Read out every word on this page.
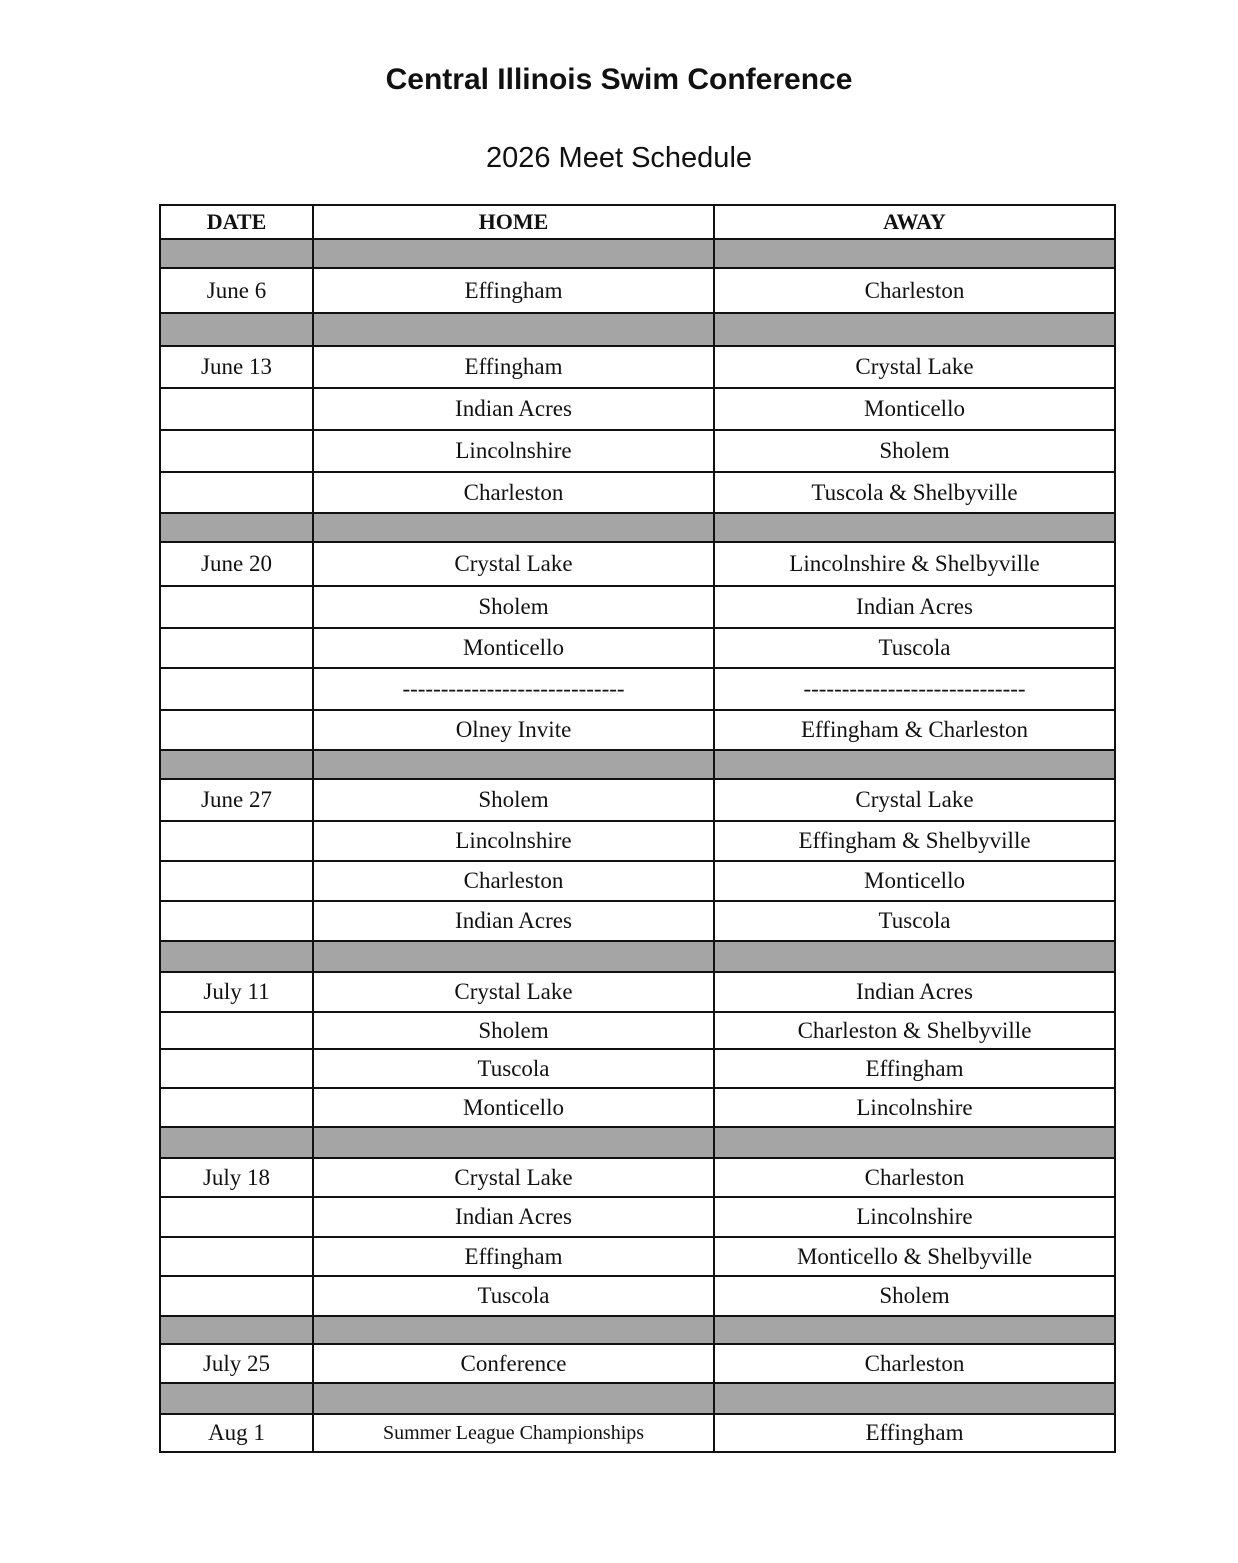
Central Illinois Swim Conference
2026 Meet Schedule
DATE	HOME	AWAY

June 6	Effingham	Charleston

June 13	Effingham	Crystal Lake
	Indian Acres	Monticello
	Lincolnshire	Sholem
	Charleston	Tuscola & Shelbyville

June 20	Crystal Lake	Lincolnshire & Shelbyville
	Sholem	Indian Acres
	Monticello	Tuscola
	-----------------------------	-----------------------------
	Olney Invite	Effingham & Charleston

June 27	Sholem	Crystal Lake
	Lincolnshire	Effingham & Shelbyville
	Charleston	Monticello
	Indian Acres	Tuscola

July 11	Crystal Lake	Indian Acres
	Sholem	Charleston & Shelbyville
	Tuscola	Effingham
	Monticello	Lincolnshire

July 18	Crystal Lake	Charleston
	Indian Acres	Lincolnshire
	Effingham	Monticello & Shelbyville
	Tuscola	Sholem

July 25	Conference	Charleston

Aug 1	Summer League Championships	Effingham
